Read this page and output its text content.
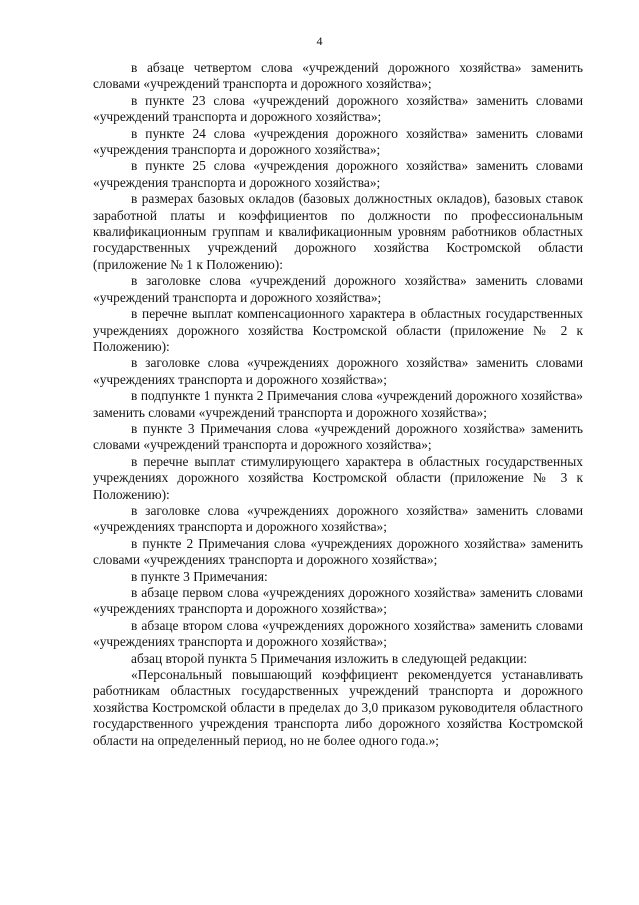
4

в абзаце четвертом слова «учреждений дорожного хозяйства» заменить словами «учреждений транспорта и дорожного хозяйства»;

в пункте 23 слова «учреждений дорожного хозяйства» заменить словами «учреждений транспорта и дорожного хозяйства»;

в пункте 24 слова «учреждения дорожного хозяйства» заменить словами «учреждения транспорта и дорожного хозяйства»;

в пункте 25 слова «учреждения дорожного хозяйства» заменить словами «учреждения транспорта и дорожного хозяйства»;

в размерах базовых окладов (базовых должностных окладов), базовых ставок заработной платы и коэффициентов по должности по профессиональным квалификационным группам и квалификационным уровням работников областных государственных учреждений дорожного хозяйства Костромской области (приложение № 1 к Положению):

в заголовке слова «учреждений дорожного хозяйства» заменить словами «учреждений транспорта и дорожного хозяйства»;

в перечне выплат компенсационного характера в областных государственных учреждениях дорожного хозяйства Костромской области (приложение № 2 к Положению):

в заголовке слова «учреждениях дорожного хозяйства» заменить словами «учреждениях транспорта и дорожного хозяйства»;

в подпункте 1 пункта 2 Примечания слова «учреждений дорожного хозяйства» заменить словами «учреждений транспорта и дорожного хозяйства»;

в пункте 3 Примечания слова «учреждений дорожного хозяйства» заменить словами «учреждений транспорта и дорожного хозяйства»;

в перечне выплат стимулирующего характера в областных государственных учреждениях дорожного хозяйства Костромской области (приложение № 3 к Положению):

в заголовке слова «учреждениях дорожного хозяйства» заменить словами «учреждениях транспорта и дорожного хозяйства»;

в пункте 2 Примечания слова «учреждениях дорожного хозяйства» заменить словами «учреждениях транспорта и дорожного хозяйства»;

в пункте 3 Примечания:

в абзаце первом слова «учреждениях дорожного хозяйства» заменить словами «учреждениях транспорта и дорожного хозяйства»;

в абзаце втором слова «учреждениях дорожного хозяйства» заменить словами «учреждениях транспорта и дорожного хозяйства»;

абзац второй пункта 5 Примечания изложить в следующей редакции:

«Персональный повышающий коэффициент рекомендуется устанавливать работникам областных государственных учреждений транспорта и дорожного хозяйства Костромской области в пределах до 3,0 приказом руководителя областного государственного учреждения транспорта либо дорожного хозяйства Костромской области на определенный период, но не более одного года.»;
